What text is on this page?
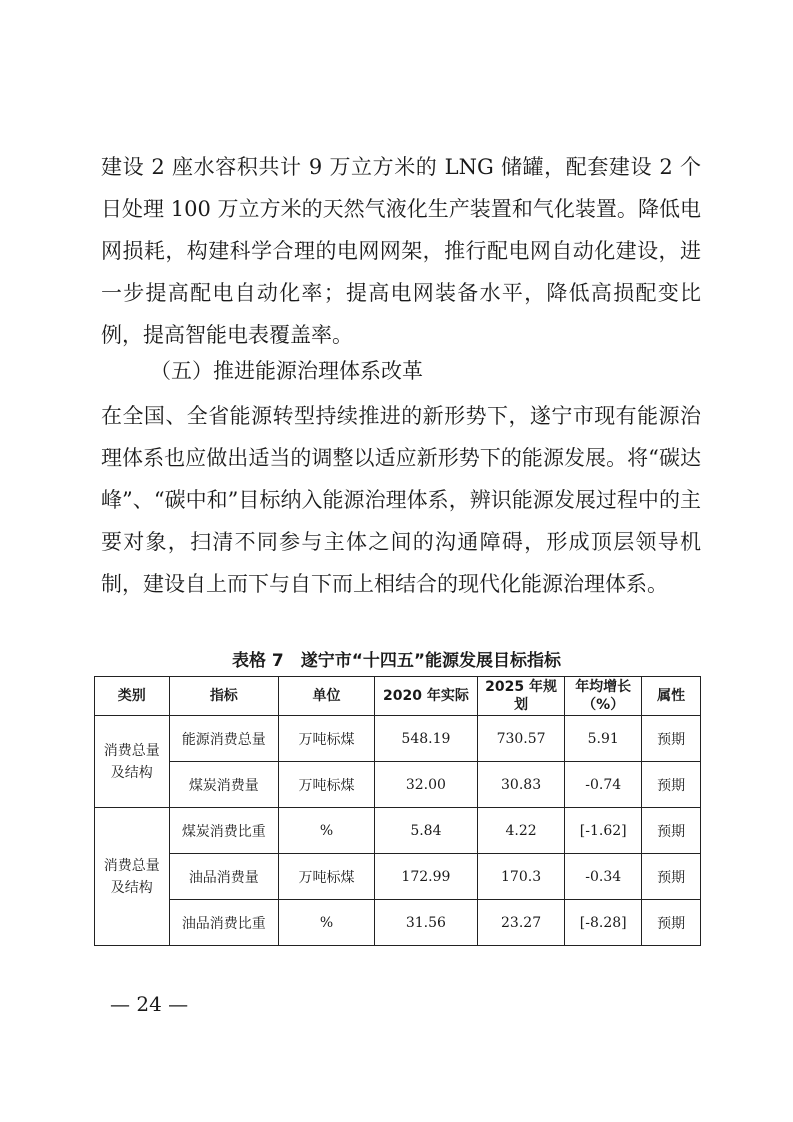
建设 2 座水容积共计 9 万立方米的 LNG 储罐，配套建设 2 个日处理 100 万立方米的天然气液化生产装置和气化装置。降低电网损耗，构建科学合理的电网网架，推行配电网自动化建设，进一步提高配电自动化率；提高电网装备水平，降低高损配变比例，提高智能电表覆盖率。

（五）推进能源治理体系改革

在全国、全省能源转型持续推进的新形势下，遂宁市现有能源治理体系也应做出适当的调整以适应新形势下的能源发展。将“碳达峰”、“碳中和”目标纳入能源治理体系，辨识能源发展过程中的主要对象，扫清不同参与主体之间的沟通障碍，形成顶层领导机制，建设自上而下与自下而上相结合的现代化能源治理体系。

表格 7　遂宁市“十四五”能源发展目标指标
类别	指标	单位	2020 年实际	2025 年规划	年均增长（%）	属性
消费总量及结构	能源消费总量	万吨标煤	548.19	730.57	5.91	预期
	煤炭消费量	万吨标煤	32.00	30.83	-0.74	预期
消费总量及结构	煤炭消费比重	%	5.84	4.22	[-1.62]	预期
	油品消费量	万吨标煤	172.99	170.3	-0.34	预期
	油品消费比重	%	31.56	23.27	[-8.28]	预期
— 24 —
